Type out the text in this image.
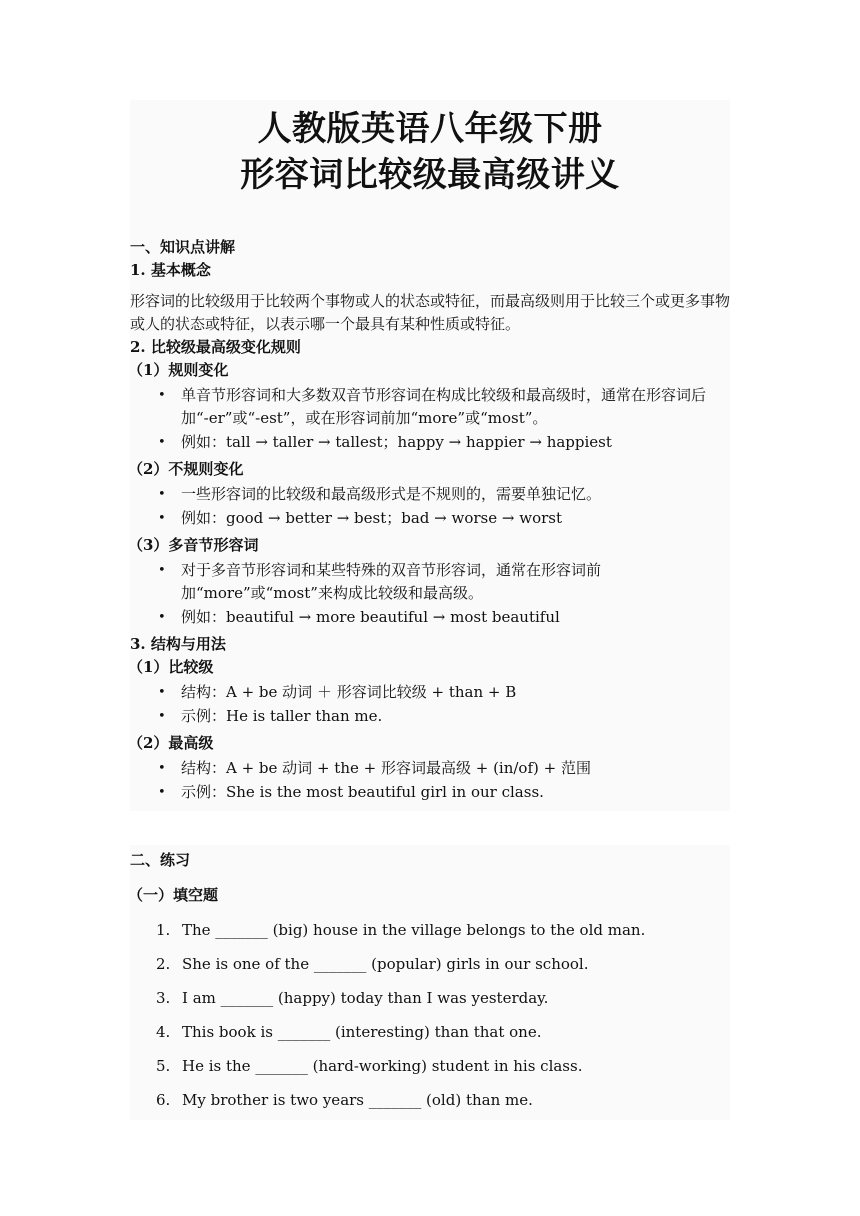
人教版英语八年级下册
形容词比较级最高级讲义
一、知识点讲解
1. 基本概念
形容词的比较级用于比较两个事物或人的状态或特征，而最高级则用于比较三个或更多事物或人的状态或特征，以表示哪一个最具有某种性质或特征。
2. 比较级最高级变化规则
（1）规则变化
• 单音节形容词和大多数双音节形容词在构成比较级和最高级时，通常在形容词后加“-er”或“-est”，或在形容词前加“more”或“most”。
• 例如：tall → taller → tallest；happy → happier → happiest
（2）不规则变化
• 一些形容词的比较级和最高级形式是不规则的，需要单独记忆。
• 例如：good → better → best；bad → worse → worst
（3）多音节形容词
• 对于多音节形容词和某些特殊的双音节形容词，通常在形容词前加“more”或“most”来构成比较级和最高级。
• 例如：beautiful → more beautiful → most beautiful
3. 结构与用法
（1）比较级
• 结构：A + be 动词 ＋ 形容词比较级 + than + B
• 示例：He is taller than me.
（2）最高级
• 结构：A + be 动词 + the + 形容词最高级 + (in/of) + 范围
• 示例：She is the most beautiful girl in our class.
二、练习
（一）填空题
1. The _______ (big) house in the village belongs to the old man.
2. She is one of the _______ (popular) girls in our school.
3. I am _______ (happy) today than I was yesterday.
4. This book is _______ (interesting) than that one.
5. He is the _______ (hard-working) student in his class.
6. My brother is two years _______ (old) than me.
